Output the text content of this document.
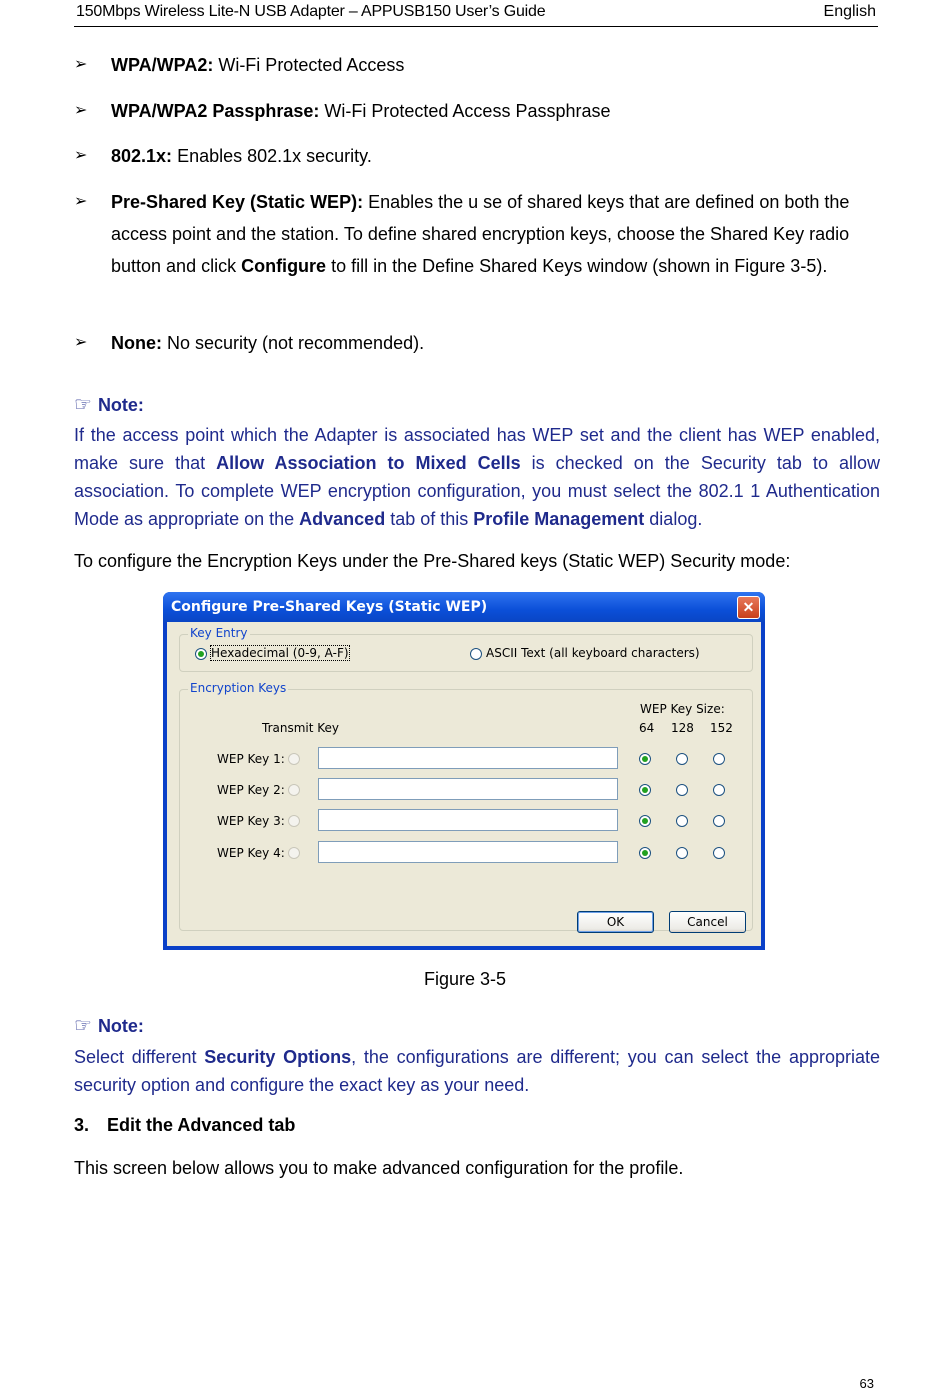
150Mbps Wireless Lite-N USB Adapter – APPUSB150 User’s Guide	English
➢ WPA/WPA2: Wi-Fi Protected Access
➢ WPA/WPA2 Passphrase: Wi-Fi Protected Access Passphrase
➢ 802.1x: Enables 802.1x security.
➢ Pre-Shared Key (Static WEP): Enables the u se of shared keys that are defined on both the access point and the station. To define shared encryption keys, choose the Shared Key radio button and click Configure to fill in the Define Shared Keys window (shown in Figure 3-5).
➢ None: No security (not recommended).
☞ Note:
If the access point which the Adapter is associated has WEP set and the client has WEP enabled, make sure that Allow Association to Mixed Cells is checked on the Security tab to allow association. To complete WEP encryption configuration, you must select the 802.1 1 Authentication Mode as appropriate on the Advanced tab of this Profile Management dialog.
To configure the Encryption Keys under the Pre-Shared keys (Static WEP) Security mode:
Configure Pre-Shared Keys (Static WEP)	✕
Key Entry
Hexadecimal (0-9, A-F)	ASCII Text (all keyboard characters)
Encryption Keys
WEP Key Size:
Transmit Key	64 128 152
WEP Key 1:
WEP Key 2:
WEP Key 3:
WEP Key 4:
OK	Cancel
Figure 3-5
☞ Note:
Select different Security Options, the configurations are different; you can select the appropriate security option and configure the exact key as your need.
3. Edit the Advanced tab
This screen below allows you to make advanced configuration for the profile.
63
